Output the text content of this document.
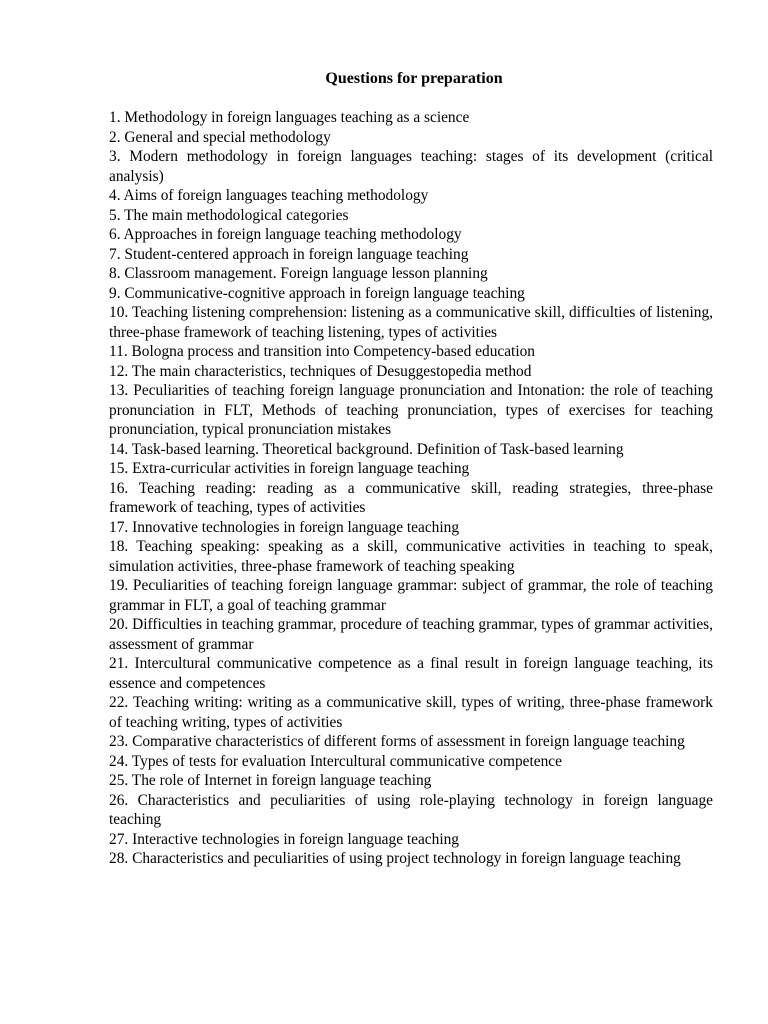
Questions for preparation
1. Methodology in foreign languages teaching as a science
2. General and special methodology
3. Modern methodology in foreign languages teaching: stages of its development (critical analysis)
4. Aims of foreign languages teaching methodology
5. The main methodological categories
6. Approaches in foreign language teaching methodology
7. Student-centered approach in foreign language teaching
8. Classroom management. Foreign language lesson planning
9. Communicative-cognitive approach in foreign language teaching
10. Teaching listening comprehension: listening as a communicative skill, difficulties of listening, three-phase framework of teaching listening, types of activities
11. Bologna process and transition into Competency-based education
12. The main characteristics, techniques of Desuggestopedia method
13. Peculiarities of teaching foreign language pronunciation and Intonation: the role of teaching pronunciation in FLT, Methods of teaching pronunciation, types of exercises for teaching pronunciation, typical pronunciation mistakes
14. Task-based learning. Theoretical background. Definition of Task-based learning
15. Extra-curricular activities in foreign language teaching
16. Teaching reading: reading as a communicative skill, reading strategies, three-phase framework of teaching, types of activities
17. Innovative technologies in foreign language teaching
18. Teaching speaking: speaking as a skill, communicative activities in teaching to speak, simulation activities, three-phase framework of teaching speaking
19. Peculiarities of teaching foreign language grammar: subject of grammar, the role of teaching grammar in FLT, a goal of teaching grammar
20. Difficulties in teaching grammar, procedure of teaching grammar, types of grammar activities, assessment of grammar
21. Intercultural communicative competence as a final result in foreign language teaching, its essence and competences
22. Teaching writing: writing as a communicative skill, types of writing, three-phase framework of teaching writing, types of activities
23. Comparative characteristics of different forms of assessment in foreign language teaching
24. Types of tests for evaluation Intercultural communicative competence
25. The role of Internet in foreign language teaching
26. Characteristics and peculiarities of using role-playing technology in foreign language teaching
27. Interactive technologies in foreign language teaching
28. Characteristics and peculiarities of using project technology in foreign language teaching
